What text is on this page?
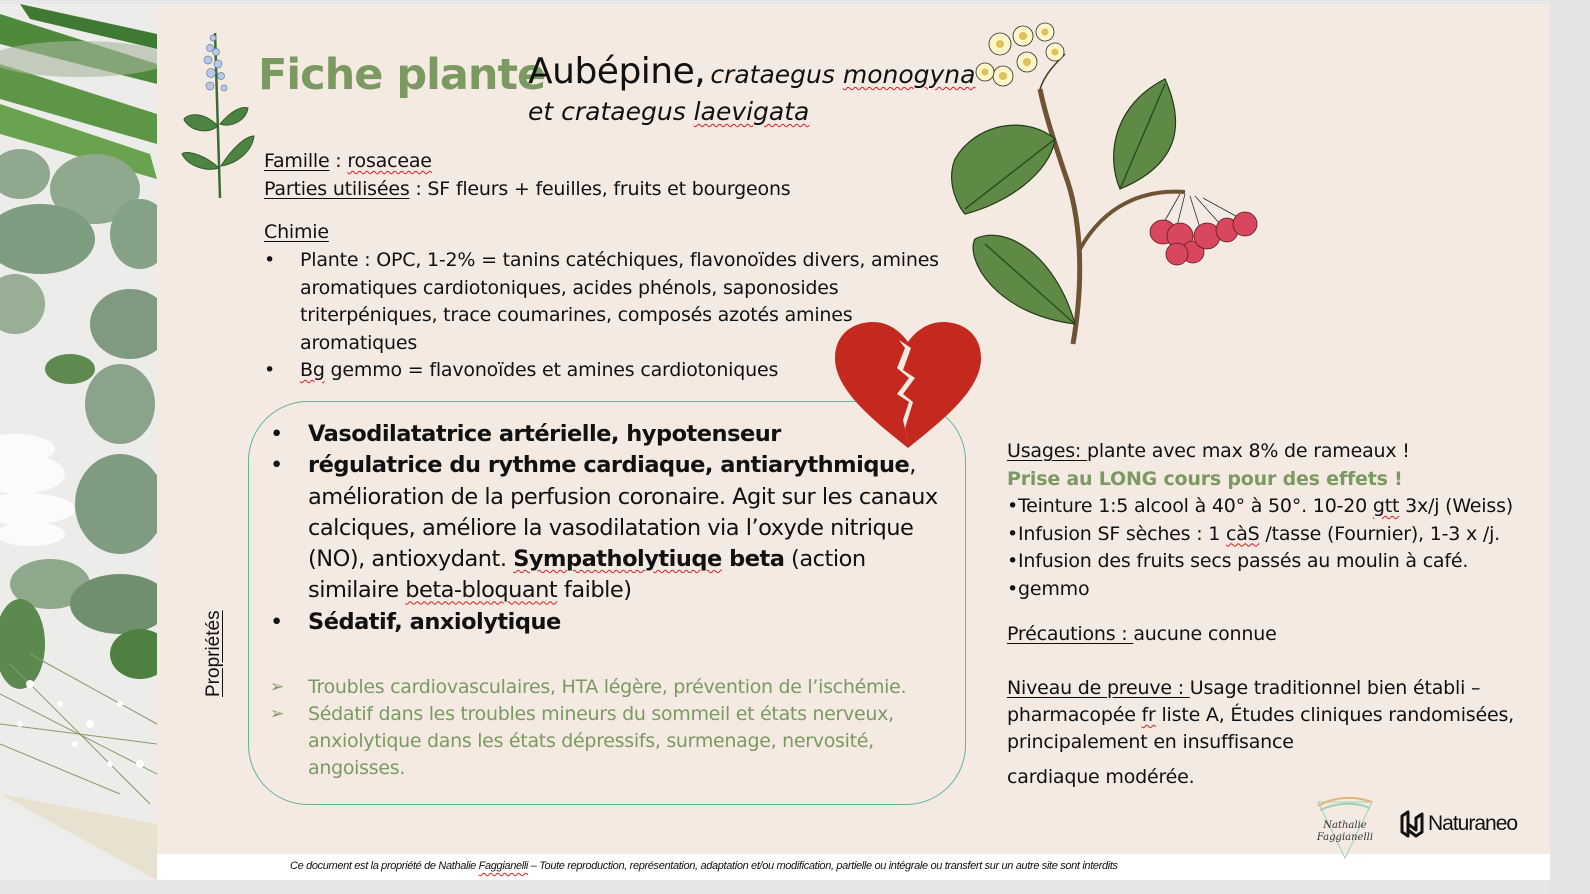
Fiche plante
Aubépine, crataegus monogyna
et crataegus laevigata
Famille : rosaceae
Parties utilisées : SF fleurs + feuilles, fruits et bourgeons
Chimie
• Plante : OPC, 1-2% = tanins catéchiques, flavonoïdes divers, amines aromatiques cardiotoniques, acides phénols, saponosides triterpéniques, trace coumarines, composés azotés amines aromatiques
• Bg gemmo = flavonoïdes et amines cardiotoniques
Propriétés
• Vasodilatatrice artérielle, hypotenseur
• régulatrice du rythme cardiaque, antiarythmique, amélioration de la perfusion coronaire. Agit sur les canaux calciques, améliore la vasodilatation via l’oxyde nitrique (NO), antioxydant. Sympatholytiuqe beta (action similaire beta-bloquant faible)
• Sédatif, anxiolytique
➢ Troubles cardiovasculaires, HTA légère, prévention de l’ischémie.
➢ Sédatif dans les troubles mineurs du sommeil et états nerveux, anxiolytique dans les états dépressifs, surmenage, nervosité, angoisses.
Usages: plante avec max 8% de rameaux !
Prise au LONG cours pour des effets !
•Teinture 1:5 alcool à 40° à 50°. 10-20 gtt 3x/j (Weiss)
•Infusion SF sèches : 1 càS /tasse (Fournier), 1-3 x /j.
•Infusion des fruits secs passés au moulin à café.
•gemmo
Précautions : aucune connue
Niveau de preuve : Usage traditionnel bien établi – pharmacopée fr liste A, Études cliniques randomisées, principalement en insuffisance
cardiaque modérée.
Nathalie
Faggianelli
Naturaneo
Ce document est la propriété de Nathalie Faggianelli – Toute reproduction, représentation, adaptation et/ou modification, partielle ou intégrale ou transfert sur un autre site sont interdits
